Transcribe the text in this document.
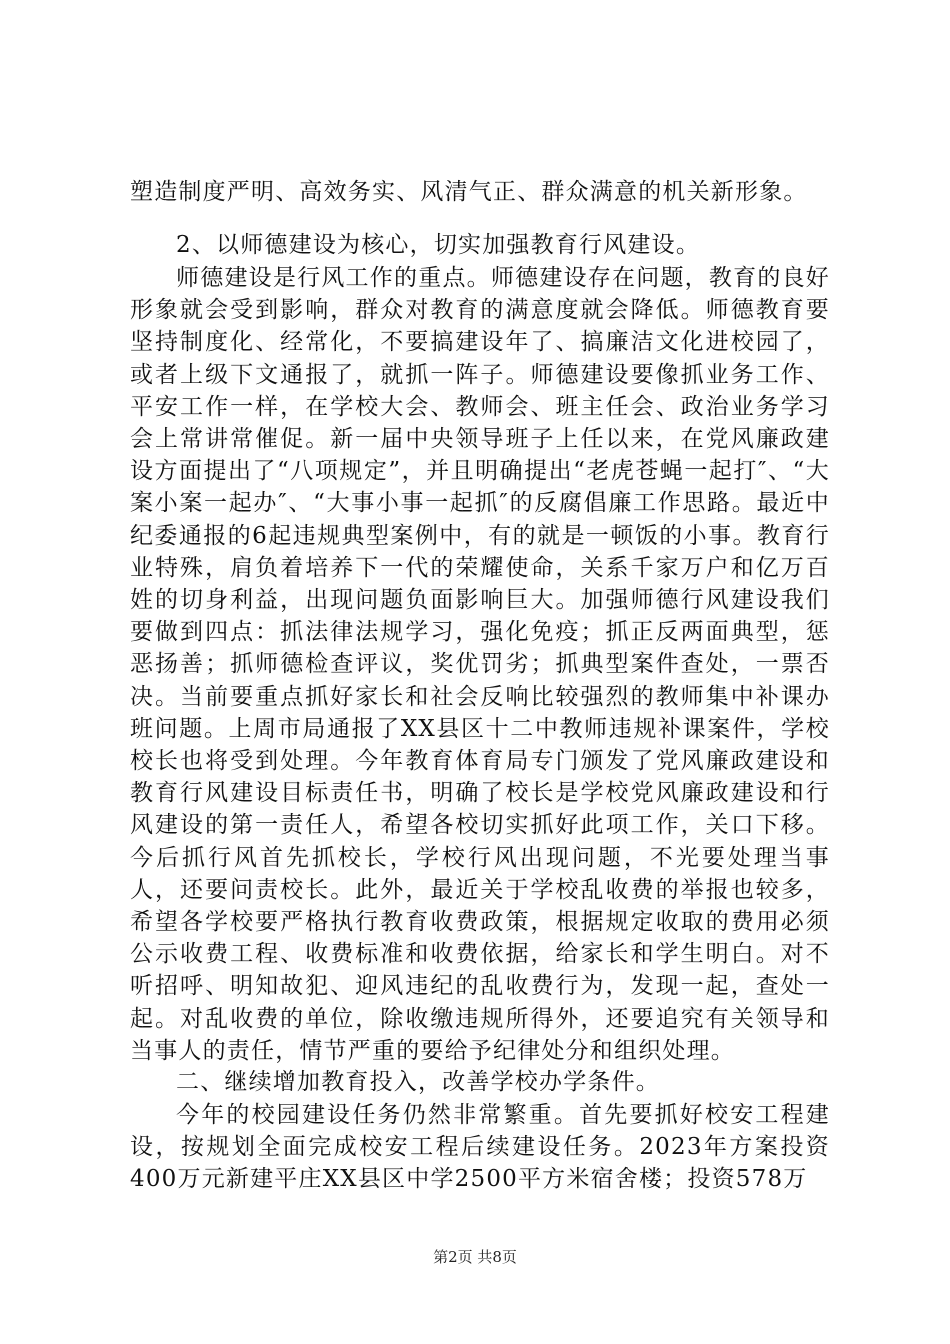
塑造制度严明、高效务实、风清气正、群众满意的机关新形象。

2、以师德建设为核心，切实加强教育行风建设。

师德建设是行风工作的重点。师德建设存在问题，教育的良好形象就会受到影响，群众对教育的满意度就会降低。师德教育要坚持制度化、经常化，不要搞建设年了、搞廉洁文化进校园了，或者上级下文通报了，就抓一阵子。师德建设要像抓业务工作、平安工作一样，在学校大会、教师会、班主任会、政治业务学习会上常讲常催促。新一届中央领导班子上任以来，在党风廉政建设方面提出了“八项规定”，并且明确提出“老虎苍蝇一起打″、“大案小案一起办″、“大事小事一起抓″的反腐倡廉工作思路。最近中纪委通报的6起违规典型案例中，有的就是一顿饭的小事。教育行业特殊，肩负着培养下一代的荣耀使命，关系千家万户和亿万百姓的切身利益，出现问题负面影响巨大。加强师德行风建设我们要做到四点：抓法律法规学习，强化免疫；抓正反两面典型，惩恶扬善；抓师德检查评议，奖优罚劣；抓典型案件查处，一票否决。当前要重点抓好家长和社会反响比较强烈的教师集中补课办班问题。上周市局通报了XX县区十二中教师违规补课案件，学校校长也将受到处理。今年教育体育局专门颁发了党风廉政建设和教育行风建设目标责任书，明确了校长是学校党风廉政建设和行风建设的第一责任人，希望各校切实抓好此项工作，关口下移。今后抓行风首先抓校长，学校行风出现问题，不光要处理当事人，还要问责校长。此外，最近关于学校乱收费的举报也较多，希望各学校要严格执行教育收费政策，根据规定收取的费用必须公示收费工程、收费标准和收费依据，给家长和学生明白。对不听招呼、明知故犯、迎风违纪的乱收费行为，发现一起，查处一起。对乱收费的单位，除收缴违规所得外，还要追究有关领导和当事人的责任，情节严重的要给予纪律处分和组织处理。

二、继续增加教育投入，改善学校办学条件。

今年的校园建设任务仍然非常繁重。首先要抓好校安工程建设，按规划全面完成校安工程后续建设任务。2023年方案投资400万元新建平庄XX县区中学2500平方米宿舍楼；投资578万

第2页 共8页
